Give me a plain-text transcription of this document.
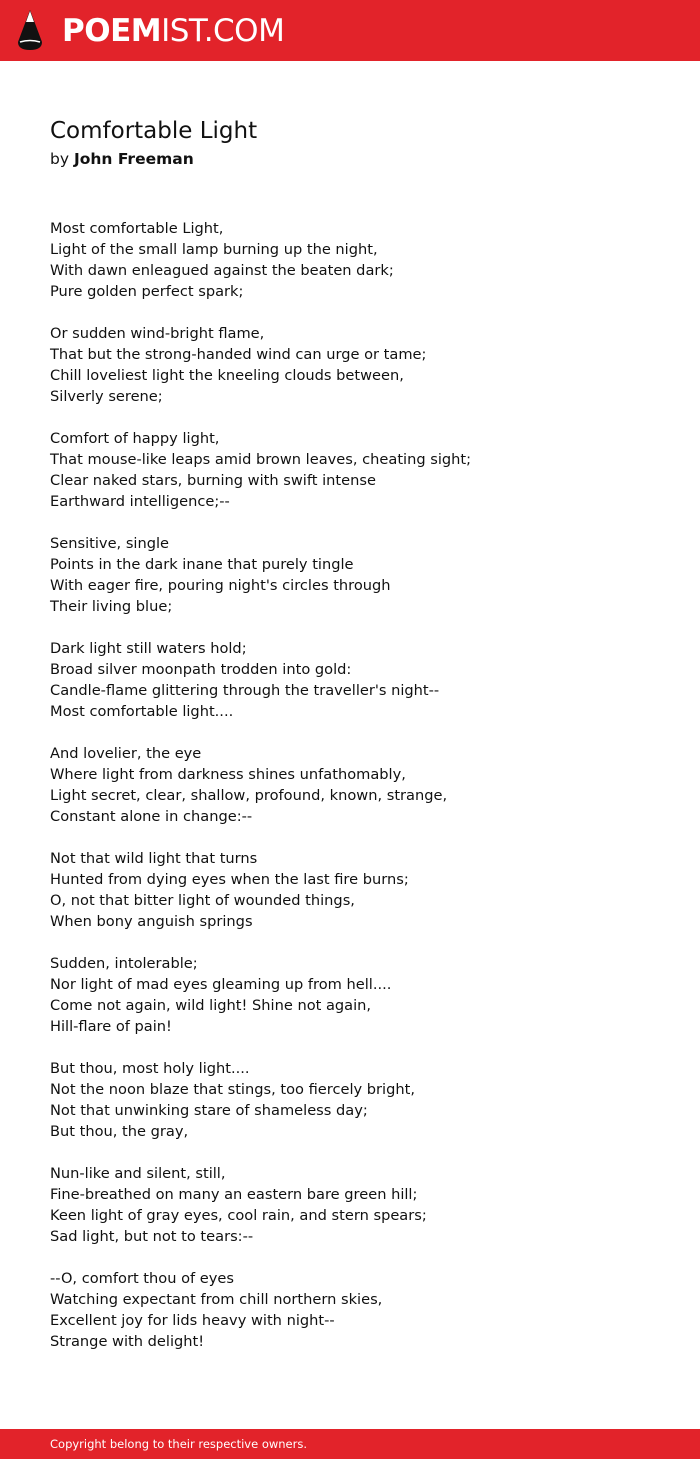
POEMIST.COM
Comfortable Light
by John Freeman
Most comfortable Light,
Light of the small lamp burning up the night,
With dawn enleagued against the beaten dark;
Pure golden perfect spark;
Or sudden wind-bright flame,
That but the strong-handed wind can urge or tame;
Chill loveliest light the kneeling clouds between,
Silverly serene;
Comfort of happy light,
That mouse-like leaps amid brown leaves, cheating sight;
Clear naked stars, burning with swift intense
Earthward intelligence;--
Sensitive, single
Points in the dark inane that purely tingle
With eager fire, pouring night's circles through
Their living blue;
Dark light still waters hold;
Broad silver moonpath trodden into gold:
Candle-flame glittering through the traveller's night--
Most comfortable light....
And lovelier, the eye
Where light from darkness shines unfathomably,
Light secret, clear, shallow, profound, known, strange,
Constant alone in change:--
Not that wild light that turns
Hunted from dying eyes when the last fire burns;
O, not that bitter light of wounded things,
When bony anguish springs
Sudden, intolerable;
Nor light of mad eyes gleaming up from hell....
Come not again, wild light! Shine not again,
Hill-flare of pain!
But thou, most holy light....
Not the noon blaze that stings, too fiercely bright,
Not that unwinking stare of shameless day;
But thou, the gray,
Nun-like and silent, still,
Fine-breathed on many an eastern bare green hill;
Keen light of gray eyes, cool rain, and stern spears;
Sad light, but not to tears:--
--O, comfort thou of eyes
Watching expectant from chill northern skies,
Excellent joy for lids heavy with night--
Strange with delight!
Copyright belong to their respective owners.
